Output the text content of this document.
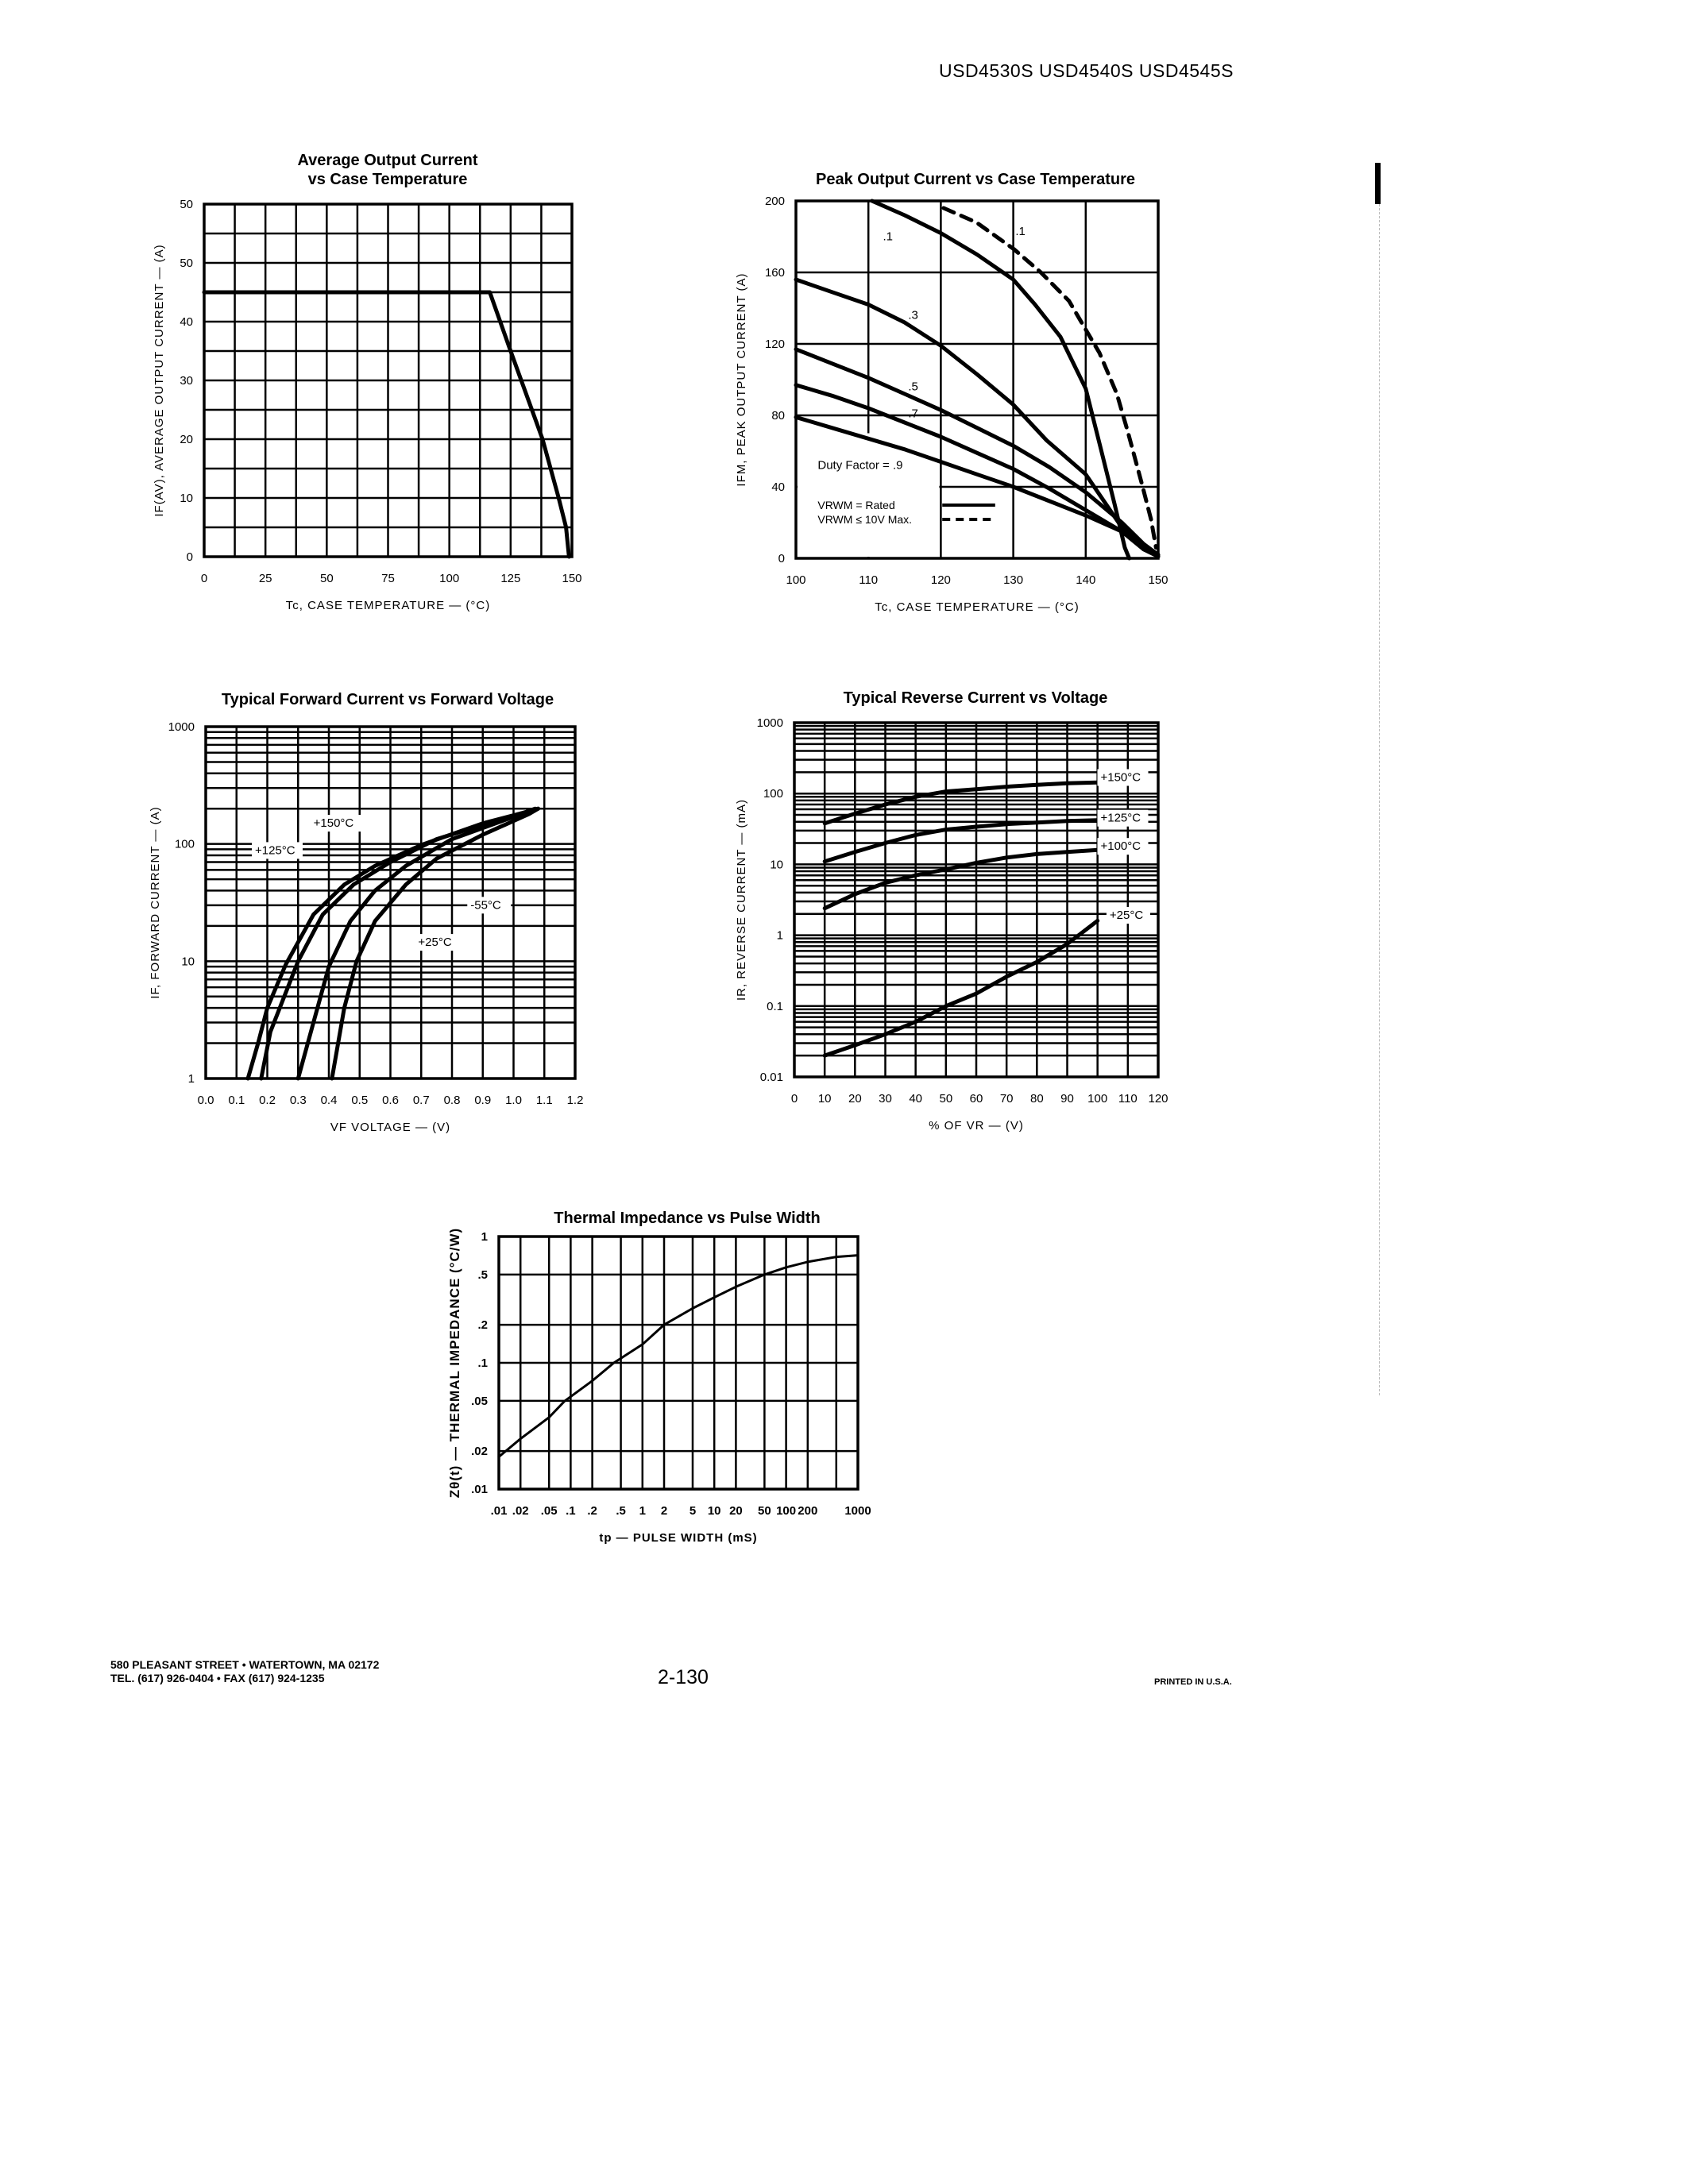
USD4530S USD4540S USD4545S
Average Output Current
vs Case Temperature
0	25	50	75	100	125	150
0
10
20
30
40
50
50
Tc, CASE TEMPERATURE — (°C)
IF(AV), AVERAGE OUTPUT CURRENT — (A)
Peak Output Current vs Case Temperature
100	110	120	130	140	150
0
40
80
120
160
200
Tc, CASE TEMPERATURE — (°C)
IFM, PEAK OUTPUT CURRENT (A)
.1	.1
.3
.5
.7
Duty Factor = .9
VRWM = Rated
VRWM ≤ 10V Max.
Typical Forward Current vs Forward Voltage
0.0 0.1 0.2 0.3 0.4 0.5 0.6 0.7 0.8 0.9 1.0 1.1 1.2
1
10
100
1000
VF VOLTAGE — (V)
IF, FORWARD CURRENT — (A)	+150°C
+125°C
-55°C
+25°C
Typical Reverse Current vs Voltage
0 10 20 30 40 50 60 70 80 90 100 110 120
0.01
0.1
1
10
100
1000
% OF VR — (V)
IR, REVERSE CURRENT — (mA)
+150°C
+125°C
+100°C
+25°C
Thermal Impedance vs Pulse Width
.01 .02 .05 .1 .2 .5 1 2 5 10 20 50 100 200 1000
.01
.02
.05
.1
.2
.5
1
tp — PULSE WIDTH (mS)
Zθ(t) — THERMAL IMPEDANCE (°C/W)
580 PLEASANT STREET • WATERTOWN, MA 02172
TEL. (617) 926-0404 • FAX (617) 924-1235	2-130	PRINTED IN U.S.A.
